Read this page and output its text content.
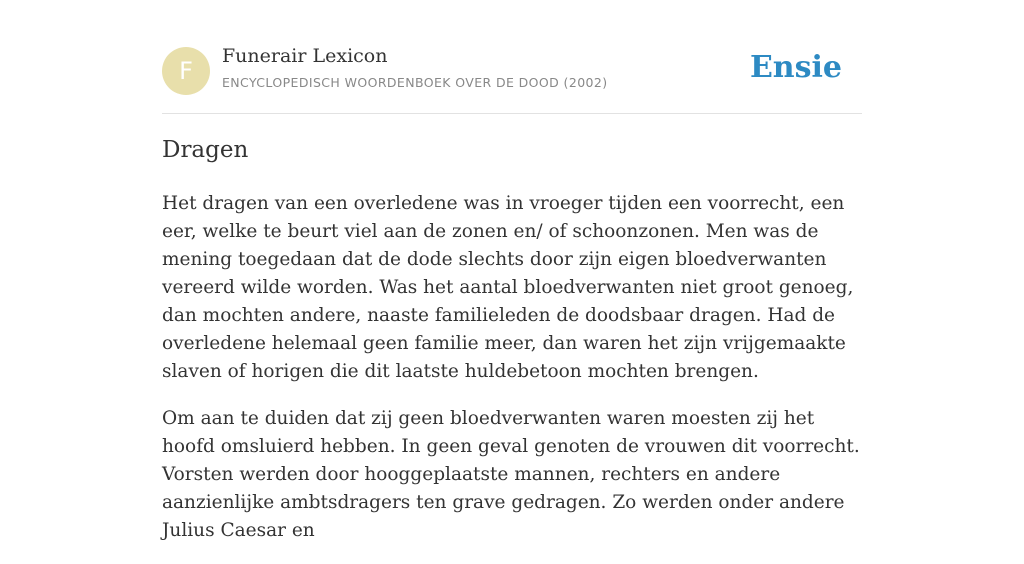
F
Funerair Lexicon
ENCYCLOPEDISCH WOORDENBOEK OVER DE DOOD (2002)	Ensie
Dragen

Het dragen van een overledene was in vroeger tijden een voorrecht, een eer, welke te beurt viel aan de zonen en/ of schoonzonen. Men was de mening toegedaan dat de dode slechts door zijn eigen bloedverwanten vereerd wilde worden. Was het aantal bloedverwanten niet groot genoeg, dan mochten andere, naaste familieleden de doodsbaar dragen. Had de overledene helemaal geen familie meer, dan waren het zijn vrijgemaakte slaven of horigen die dit laatste huldebetoon mochten brengen.

Om aan te duiden dat zij geen bloedverwanten waren moesten zij het hoofd omsluierd hebben. In geen geval genoten de vrouwen dit voorrecht. Vorsten werden door hooggeplaatste mannen, rechters en andere aanzienlijke ambtsdragers ten grave gedragen. Zo werden onder andere Julius Caesar en
